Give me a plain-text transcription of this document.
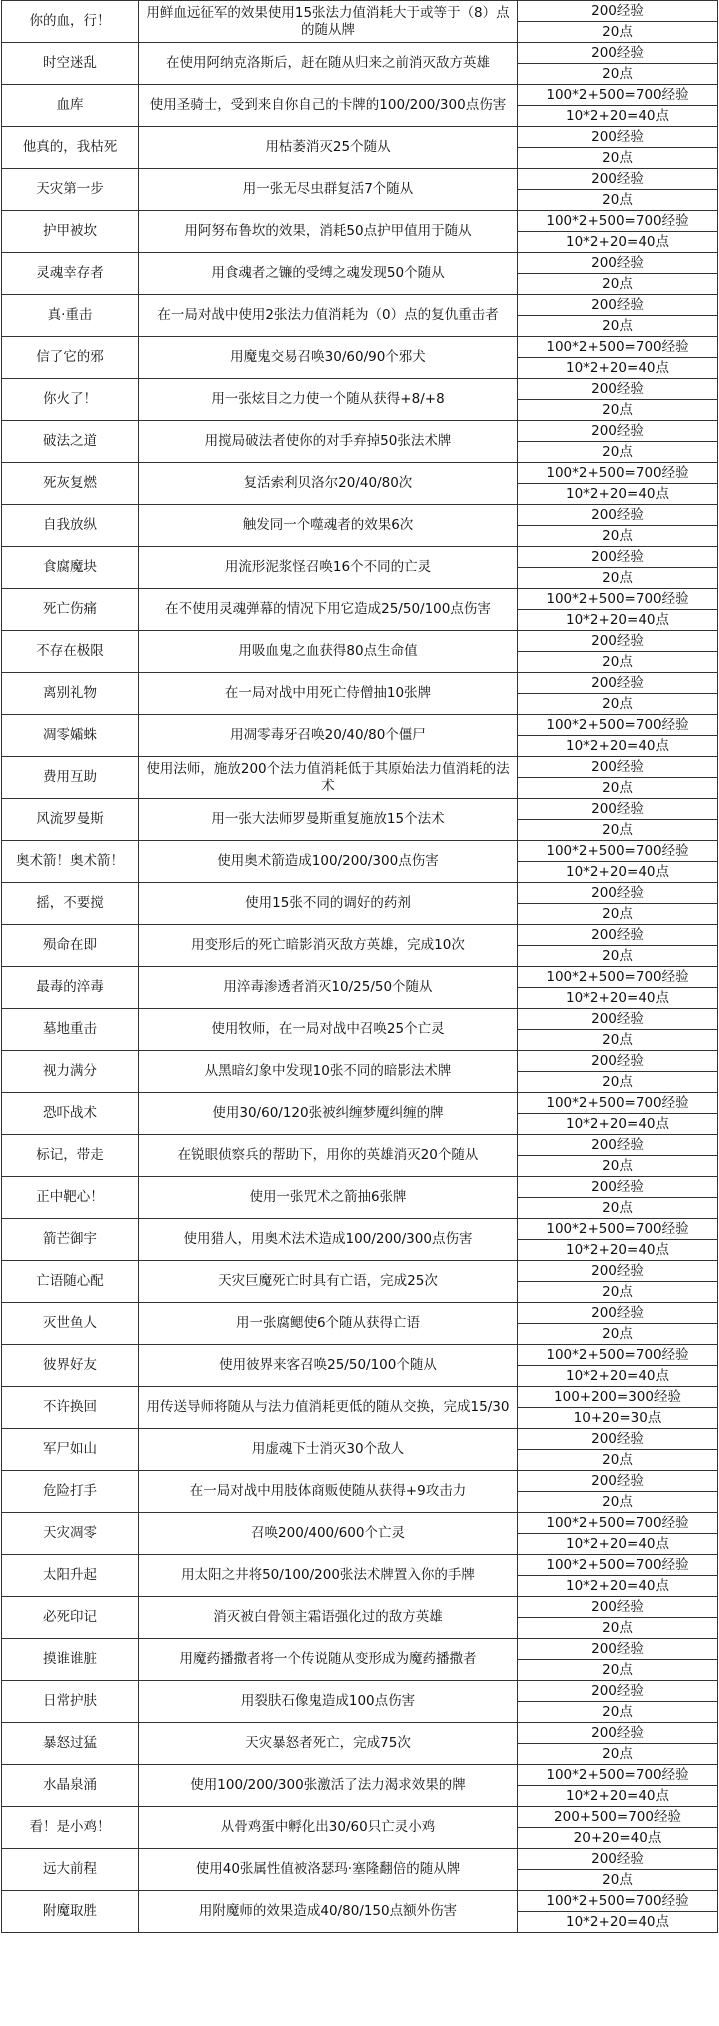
你的血，行！	用鲜血远征军的效果使用15张法力值消耗大于或等于（8）点的随从牌	200经验
		20点
时空迷乱	在使用阿纳克洛斯后，赶在随从归来之前消灭敌方英雄	200经验
		20点
血库	使用圣骑士，受到来自你自己的卡牌的100/200/300点伤害	100*2+500=700经验
		10*2+20=40点
他真的，我枯死	用枯萎消灭25个随从	200经验
		20点
天灾第一步	用一张无尽虫群复活7个随从	200经验
		20点
护甲被坎	用阿努布鲁坎的效果，消耗50点护甲值用于随从	100*2+500=700经验
		10*2+20=40点
灵魂幸存者	用食魂者之镰的受缚之魂发现50个随从	200经验
		20点
真·重击	在一局对战中使用2张法力值消耗为（0）点的复仇重击者	200经验
		20点
信了它的邪	用魔鬼交易召唤30/60/90个邪犬	100*2+500=700经验
		10*2+20=40点
你火了！	用一张炫目之力使一个随从获得+8/+8	200经验
		20点
破法之道	用搅局破法者使你的对手弃掉50张法术牌	200经验
		20点
死灰复燃	复活索利贝洛尔20/40/80次	100*2+500=700经验
		10*2+20=40点
自我放纵	触发同一个噬魂者的效果6次	200经验
		20点
食腐魔块	用流形泥浆怪召唤16个不同的亡灵	200经验
		20点
死亡伤痛	在不使用灵魂弹幕的情况下用它造成25/50/100点伤害	100*2+500=700经验
		10*2+20=40点
不存在极限	用吸血鬼之血获得80点生命值	200经验
		20点
离别礼物	在一局对战中用死亡侍僧抽10张牌	200经验
		20点
凋零孀蛛	用凋零毒牙召唤20/40/80个僵尸	100*2+500=700经验
		10*2+20=40点
费用互助	使用法师，施放200个法力值消耗低于其原始法力值消耗的法术	200经验
		20点
风流罗曼斯	用一张大法师罗曼斯重复施放15个法术	200经验
		20点
奥术箭！奥术箭！	使用奥术箭造成100/200/300点伤害	100*2+500=700经验
		10*2+20=40点
摇，不要搅	使用15张不同的调好的药剂	200经验
		20点
殒命在即	用变形后的死亡暗影消灭敌方英雄，完成10次	200经验
		20点
最毒的淬毒	用淬毒渗透者消灭10/25/50个随从	100*2+500=700经验
		10*2+20=40点
墓地重击	使用牧师，在一局对战中召唤25个亡灵	200经验
		20点
视力满分	从黑暗幻象中发现10张不同的暗影法术牌	200经验
		20点
恐吓战术	使用30/60/120张被纠缠梦魇纠缠的牌	100*2+500=700经验
		10*2+20=40点
标记，带走	在锐眼侦察兵的帮助下，用你的英雄消灭20个随从	200经验
		20点
正中靶心！	使用一张咒术之箭抽6张牌	200经验
		20点
箭芒御宇	使用猎人，用奥术法术造成100/200/300点伤害	100*2+500=700经验
		10*2+20=40点
亡语随心配	天灾巨魔死亡时具有亡语，完成25次	200经验
		20点
灭世鱼人	用一张腐鳃使6个随从获得亡语	200经验
		20点
彼界好友	使用彼界来客召唤25/50/100个随从	100*2+500=700经验
		10*2+20=40点
不许换回	用传送导师将随从与法力值消耗更低的随从交换，完成15/30	100+200=300经验
		10+20=30点
军尸如山	用虚魂下士消灭30个敌人	200经验
		20点
危险打手	在一局对战中用肢体商贩使随从获得+9攻击力	200经验
		20点
天灾凋零	召唤200/400/600个亡灵	100*2+500=700经验
		10*2+20=40点
太阳升起	用太阳之井将50/100/200张法术牌置入你的手牌	100*2+500=700经验
		10*2+20=40点
必死印记	消灭被白骨领主霜语强化过的敌方英雄	200经验
		20点
摸谁谁脏	用魔药播撒者将一个传说随从变形成为魔药播撒者	200经验
		20点
日常护肤	用裂肤石像鬼造成100点伤害	200经验
		20点
暴怒过猛	天灾暴怒者死亡，完成75次	200经验
		20点
水晶泉涌	使用100/200/300张激活了法力渴求效果的牌	100*2+500=700经验
		10*2+20=40点
看！是小鸡！	从骨鸡蛋中孵化出30/60只亡灵小鸡	200+500=700经验
		20+20=40点
远大前程	使用40张属性值被洛瑟玛·塞隆翻倍的随从牌	200经验
		20点
附魔取胜	用附魔师的效果造成40/80/150点额外伤害	100*2+500=700经验
		10*2+20=40点
